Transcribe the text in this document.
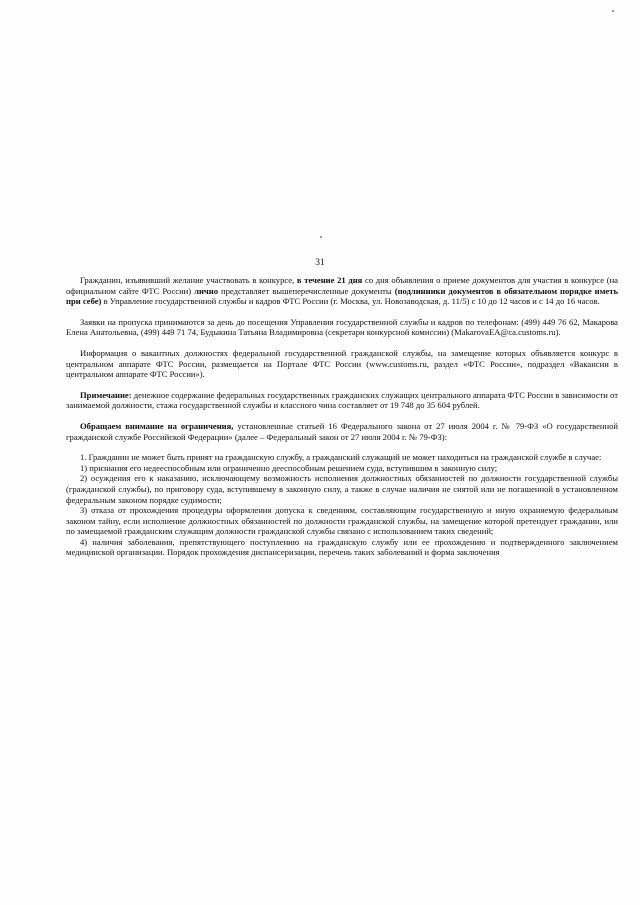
31

Гражданин, изъявивший желание участвовать в конкурсе, в течение 21 дня со дня объявления о приеме документов для участия в конкурсе (на официальном сайте ФТС России) лично представляет вышеперечисленные документы (подлинники документов в обязательном порядке иметь при себе) в Управление государственной службы и кадров ФТС России (г. Москва, ул. Новозаводская, д. 11/5) с 10 до 12 часов и с 14 до 16 часов.

Заявки на пропуска принимаются за день до посещения Управления государственной службы и кадров по телефонам: (499) 449 76 62, Макарова Елена Анатольевна, (499) 449 71 74, Будыкина Татьяна Владимировна (секретари конкурсной комиссии) (MakarovaEA@ca.customs.ru).

Информация о вакантных должностях федеральной государственной гражданской службы, на замещение которых объявляется конкурс в центральном аппарате ФТС России, размещается на Портале ФТС России (www.customs.ru, раздел «ФТС России», подраздел «Вакансии в центральном аппарате ФТС России»).

Примечание: денежное содержание федеральных государственных гражданских служащих центрального аппарата ФТС России в зависимости от занимаемой должности, стажа государственной службы и классного чина составляет от 19 748 до 35 604 рублей.

Обращаем внимание на ограничения, установленные статьей 16 Федерального закона от 27 июля 2004 г. № 79-ФЗ «О государственной гражданской службе Российской Федерации» (далее – Федеральный закон от 27 июля 2004 г. № 79-ФЗ):

1. Гражданин не может быть принят на гражданскую службу, а гражданский служащий не может находиться на гражданской службе в случае:

1) признания его недееспособным или ограниченно дееспособным решением суда, вступившим в законную силу;

2) осуждения его к наказанию, исключающему возможность исполнения должностных обязанностей по должности государственной службы (гражданской службы), по приговору суда, вступившему в законную силу, а также в случае наличия не снятой или не погашенной в установленном федеральным законом порядке судимости;

3) отказа от прохождения процедуры оформления допуска к сведениям, составляющим государственную и иную охраняемую федеральным законом тайну, если исполнение должностных обязанностей по должности гражданской службы, на замещение которой претендует гражданин, или по замещаемой гражданским служащим должности гражданской службы связано с использованием таких сведений;

4) наличия заболевания, препятствующего поступлению на гражданскую службу или ее прохождению и подтвержденного заключением медицинской организации. Порядок прохождения диспансеризации, перечень таких заболеваний и форма заключения
